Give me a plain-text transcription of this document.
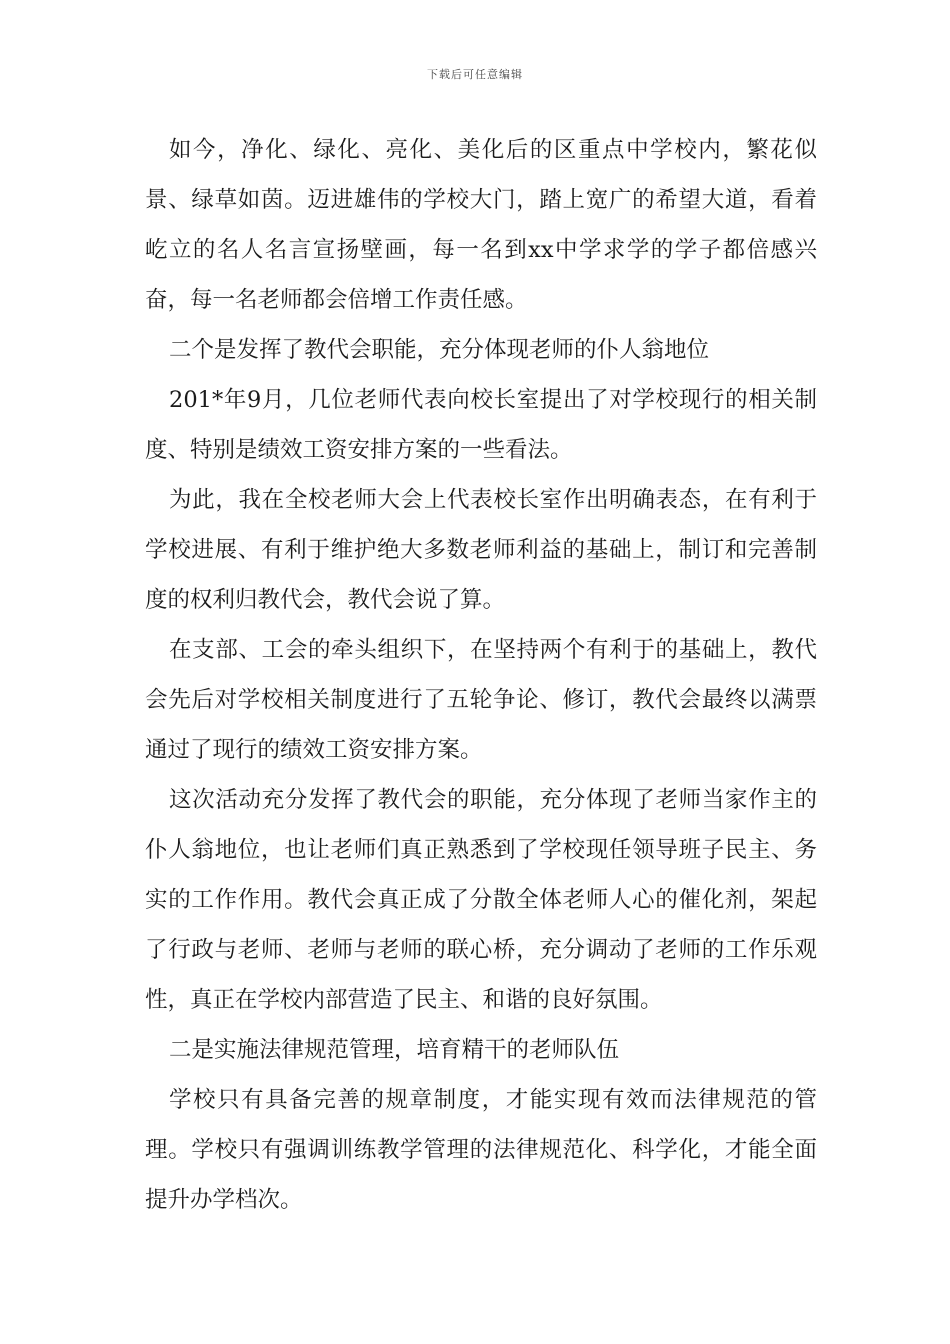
下载后可任意编辑

如今，净化、绿化、亮化、美化后的区重点中学校内，繁花似景、绿草如茵。迈进雄伟的学校大门，踏上宽广的希望大道，看着屹立的名人名言宣扬壁画，每一名到xx中学求学的学子都倍感兴奋，每一名老师都会倍增工作责任感。

二个是发挥了教代会职能，充分体现老师的仆人翁地位

201*年9月，几位老师代表向校长室提出了对学校现行的相关制度、特别是绩效工资安排方案的一些看法。

为此，我在全校老师大会上代表校长室作出明确表态，在有利于学校进展、有利于维护绝大多数老师利益的基础上，制订和完善制度的权利归教代会，教代会说了算。

在支部、工会的牵头组织下，在坚持两个有利于的基础上，教代会先后对学校相关制度进行了五轮争论、修订，教代会最终以满票通过了现行的绩效工资安排方案。

这次活动充分发挥了教代会的职能，充分体现了老师当家作主的仆人翁地位，也让老师们真正熟悉到了学校现任领导班子民主、务实的工作作用。教代会真正成了分散全体老师人心的催化剂，架起了行政与老师、老师与老师的联心桥，充分调动了老师的工作乐观性，真正在学校内部营造了民主、和谐的良好氛围。

二是实施法律规范管理，培育精干的老师队伍

学校只有具备完善的规章制度，才能实现有效而法律规范的管理。学校只有强调训练教学管理的法律规范化、科学化，才能全面提升办学档次。
